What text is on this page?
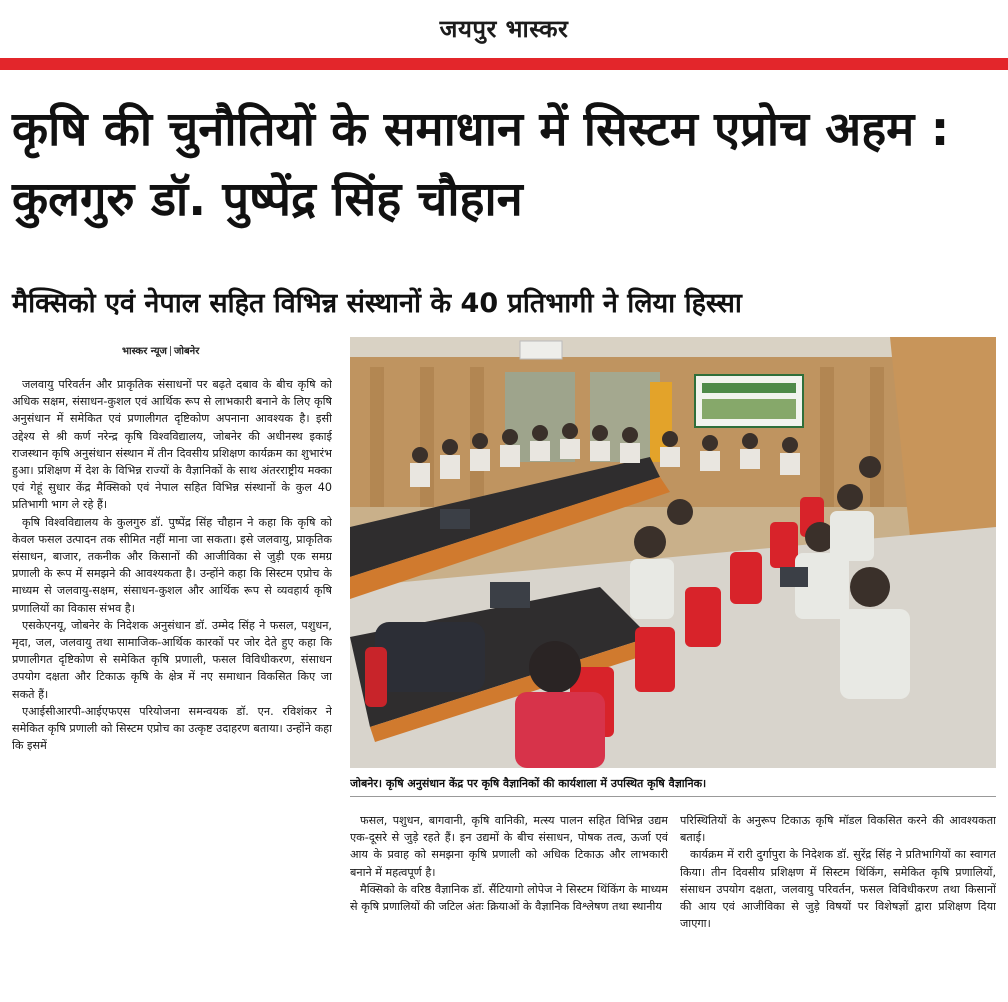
जयपुर भास्कर
कृषि की चुनौतियों के समाधान में सिस्टम एप्रोच अहम : कुलगुरु डॉ. पुष्पेंद्र सिंह चौहान
मैक्सिको एवं नेपाल सहित विभिन्न संस्थानों के 40 प्रतिभागी ने लिया हिस्सा
भास्कर न्यूज जोबनेर

जलवायु परिवर्तन और प्राकृतिक संसाधनों पर बढ़ते दबाव के बीच कृषि को अधिक सक्षम, संसाधन-कुशल एवं आर्थिक रूप से लाभकारी बनाने के लिए कृषि अनुसंधान में समेकित एवं प्रणालीगत दृष्टिकोण अपनाना आवश्यक है। इसी उद्देश्य से श्री कर्ण नरेन्द्र कृषि विश्वविद्यालय, जोबनेर की अधीनस्थ इकाई राजस्थान कृषि अनुसंधान संस्थान में तीन दिवसीय प्रशिक्षण कार्यक्रम का शुभारंभ हुआ। प्रशिक्षण में देश के विभिन्न राज्यों के वैज्ञानिकों के साथ अंतरराष्ट्रीय मक्का एवं गेहूं सुधार केंद्र मैक्सिको एवं नेपाल सहित विभिन्न संस्थानों के कुल 40 प्रतिभागी भाग ले रहे हैं।

कृषि विश्वविद्यालय के कुलगुरु डॉ. पुष्पेंद्र सिंह चौहान ने कहा कि कृषि को केवल फसल उत्पादन तक सीमित नहीं माना जा सकता। इसे जलवायु, प्राकृतिक संसाधन, बाजार, तकनीक और किसानों की आजीविका से जुड़ी एक समग्र प्रणाली के रूप में समझने की आवश्यकता है। उन्होंने कहा कि सिस्टम एप्रोच के माध्यम से जलवायु-सक्षम, संसाधन-कुशल और आर्थिक रूप से व्यवहार्य कृषि प्रणालियों का विकास संभव है।

एसकेएनयू, जोबनेर के निदेशक अनुसंधान डॉ. उम्मेद सिंह ने फसल, पशुधन, मृदा, जल, जलवायु तथा सामाजिक-आर्थिक कारकों पर जोर देते हुए कहा कि प्रणालीगत दृष्टिकोण से समेकित कृषि प्रणाली, फसल विविधीकरण, संसाधन उपयोग दक्षता और टिकाऊ कृषि के क्षेत्र में नए समाधान विकसित किए जा सकते हैं।

एआईसीआरपी-आईएफएस परियोजना समन्वयक डॉ. एन. रविशंकर ने समेकित कृषि प्रणाली को सिस्टम एप्रोच का उत्कृष्ट उदाहरण बताया। उन्होंने कहा कि इसमें

जोबनेर। कृषि अनुसंधान केंद्र पर कृषि वैज्ञानिकों की कार्यशाला में उपस्थित कृषि वैज्ञानिक।

फसल, पशुधन, बागवानी, कृषि वानिकी, मत्स्य पालन सहित विभिन्न उद्यम एक-दूसरे से जुड़े रहते हैं। इन उद्यमों के बीच संसाधन, पोषक तत्व, ऊर्जा एवं आय के प्रवाह को समझना कृषि प्रणाली को अधिक टिकाऊ और लाभकारी बनाने में महत्वपूर्ण है।

मैक्सिको के वरिष्ठ वैज्ञानिक डॉ. सैंटियागो लोपेज ने सिस्टम थिंकिंग के माध्यम से कृषि प्रणालियों की जटिल अंतः क्रियाओं के वैज्ञानिक विश्लेषण तथा स्थानीय

परिस्थितियों के अनुरूप टिकाऊ कृषि मॉडल विकसित करने की आवश्यकता बताई।

कार्यक्रम में रारी दुर्गापुरा के निदेशक डॉ. सुरेंद्र सिंह ने प्रतिभागियों का स्वागत किया। तीन दिवसीय प्रशिक्षण में सिस्टम थिंकिंग, समेकित कृषि प्रणालियों, संसाधन उपयोग दक्षता, जलवायु परिवर्तन, फसल विविधीकरण तथा किसानों की आय एवं आजीविका से जुड़े विषयों पर विशेषज्ञों द्वारा प्रशिक्षण दिया जाएगा।
